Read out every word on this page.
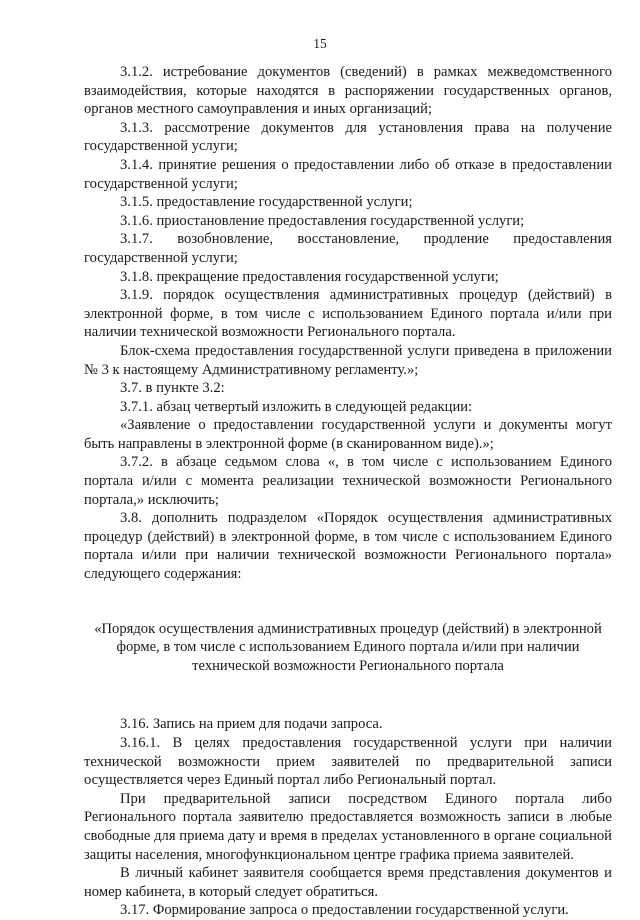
15

3.1.2. истребование документов (сведений) в рамках межведомственного взаимодействия, которые находятся в распоряжении государственных органов, органов местного самоуправления и иных организаций;

3.1.3. рассмотрение документов для установления права на получение государственной услуги;

3.1.4. принятие решения о предоставлении либо об отказе в предоставлении государственной услуги;

3.1.5. предоставление государственной услуги;

3.1.6. приостановление предоставления государственной услуги;

3.1.7. возобновление, восстановление, продление предоставления государственной услуги;

3.1.8. прекращение предоставления государственной услуги;

3.1.9. порядок осуществления административных процедур (действий) в электронной форме, в том числе с использованием Единого портала и/или при наличии технической возможности Регионального портала.

Блок-схема предоставления государственной услуги приведена в приложении № 3 к настоящему Административному регламенту.»;

3.7. в пункте 3.2:

3.7.1. абзац четвертый изложить в следующей редакции:

«Заявление о предоставлении государственной услуги и документы могут быть направлены в электронной форме (в сканированном виде).»;

3.7.2. в абзаце седьмом слова «, в том числе с использованием Единого портала и/или с момента реализации технической возможности Регионального портала,» исключить;

3.8. дополнить подразделом «Порядок осуществления административных процедур (действий) в электронной форме, в том числе с использованием Единого портала и/или при наличии технической возможности Регионального портала» следующего содержания:

«Порядок осуществления административных процедур (действий) в электронной форме, в том числе с использованием Единого портала и/или при наличии технической возможности Регионального портала

3.16. Запись на прием для подачи запроса.

3.16.1. В целях предоставления государственной услуги при наличии технической возможности прием заявителей по предварительной записи осуществляется через Единый портал либо Региональный портал.

При предварительной записи посредством Единого портала либо Регионального портала заявителю предоставляется возможность записи в любые свободные для приема дату и время в пределах установленного в органе социальной защиты населения, многофункциональном центре графика приема заявителей.

В личный кабинет заявителя сообщается время представления документов и номер кабинета, в который следует обратиться.

3.17. Формирование запроса о предоставлении государственной услуги.
